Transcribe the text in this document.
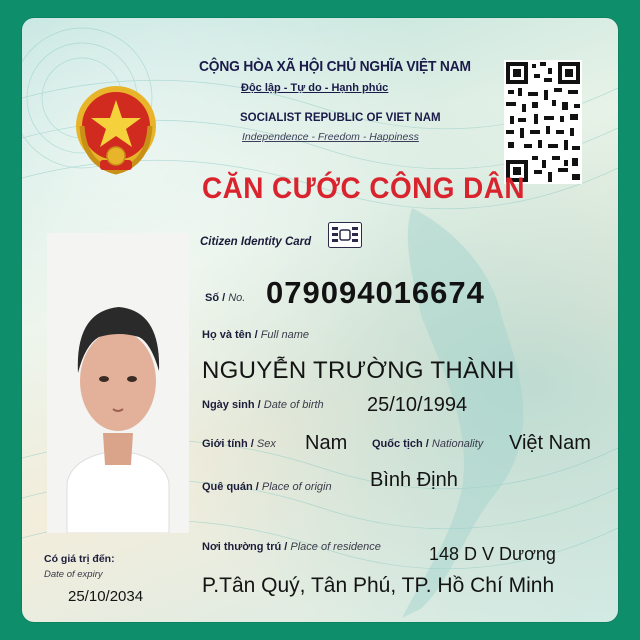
CỘNG HÒA XÃ HỘI CHỦ NGHĨA VIỆT NAM
Độc lập - Tự do - Hạnh phúc
SOCIALIST REPUBLIC OF VIET NAM
Independence - Freedom - Happiness
CĂN CƯỚC CÔNG DÂN
Citizen Identity Card
Số / No. 079094016674
Họ và tên / Full name
NGUYỄN TRƯỜNG THÀNH
Ngày sinh / Date of birth 25/10/1994
Giới tính / Sex Nam Quốc tịch / Nationality Việt Nam
Quê quán / Place of origin Bình Định
Nơi thường trú / Place of residence	148 D V Dương
P.Tân Quý, Tân Phú, TP. Hồ Chí Minh
Có giá trị đến:
Date of expiry
25/10/2034
